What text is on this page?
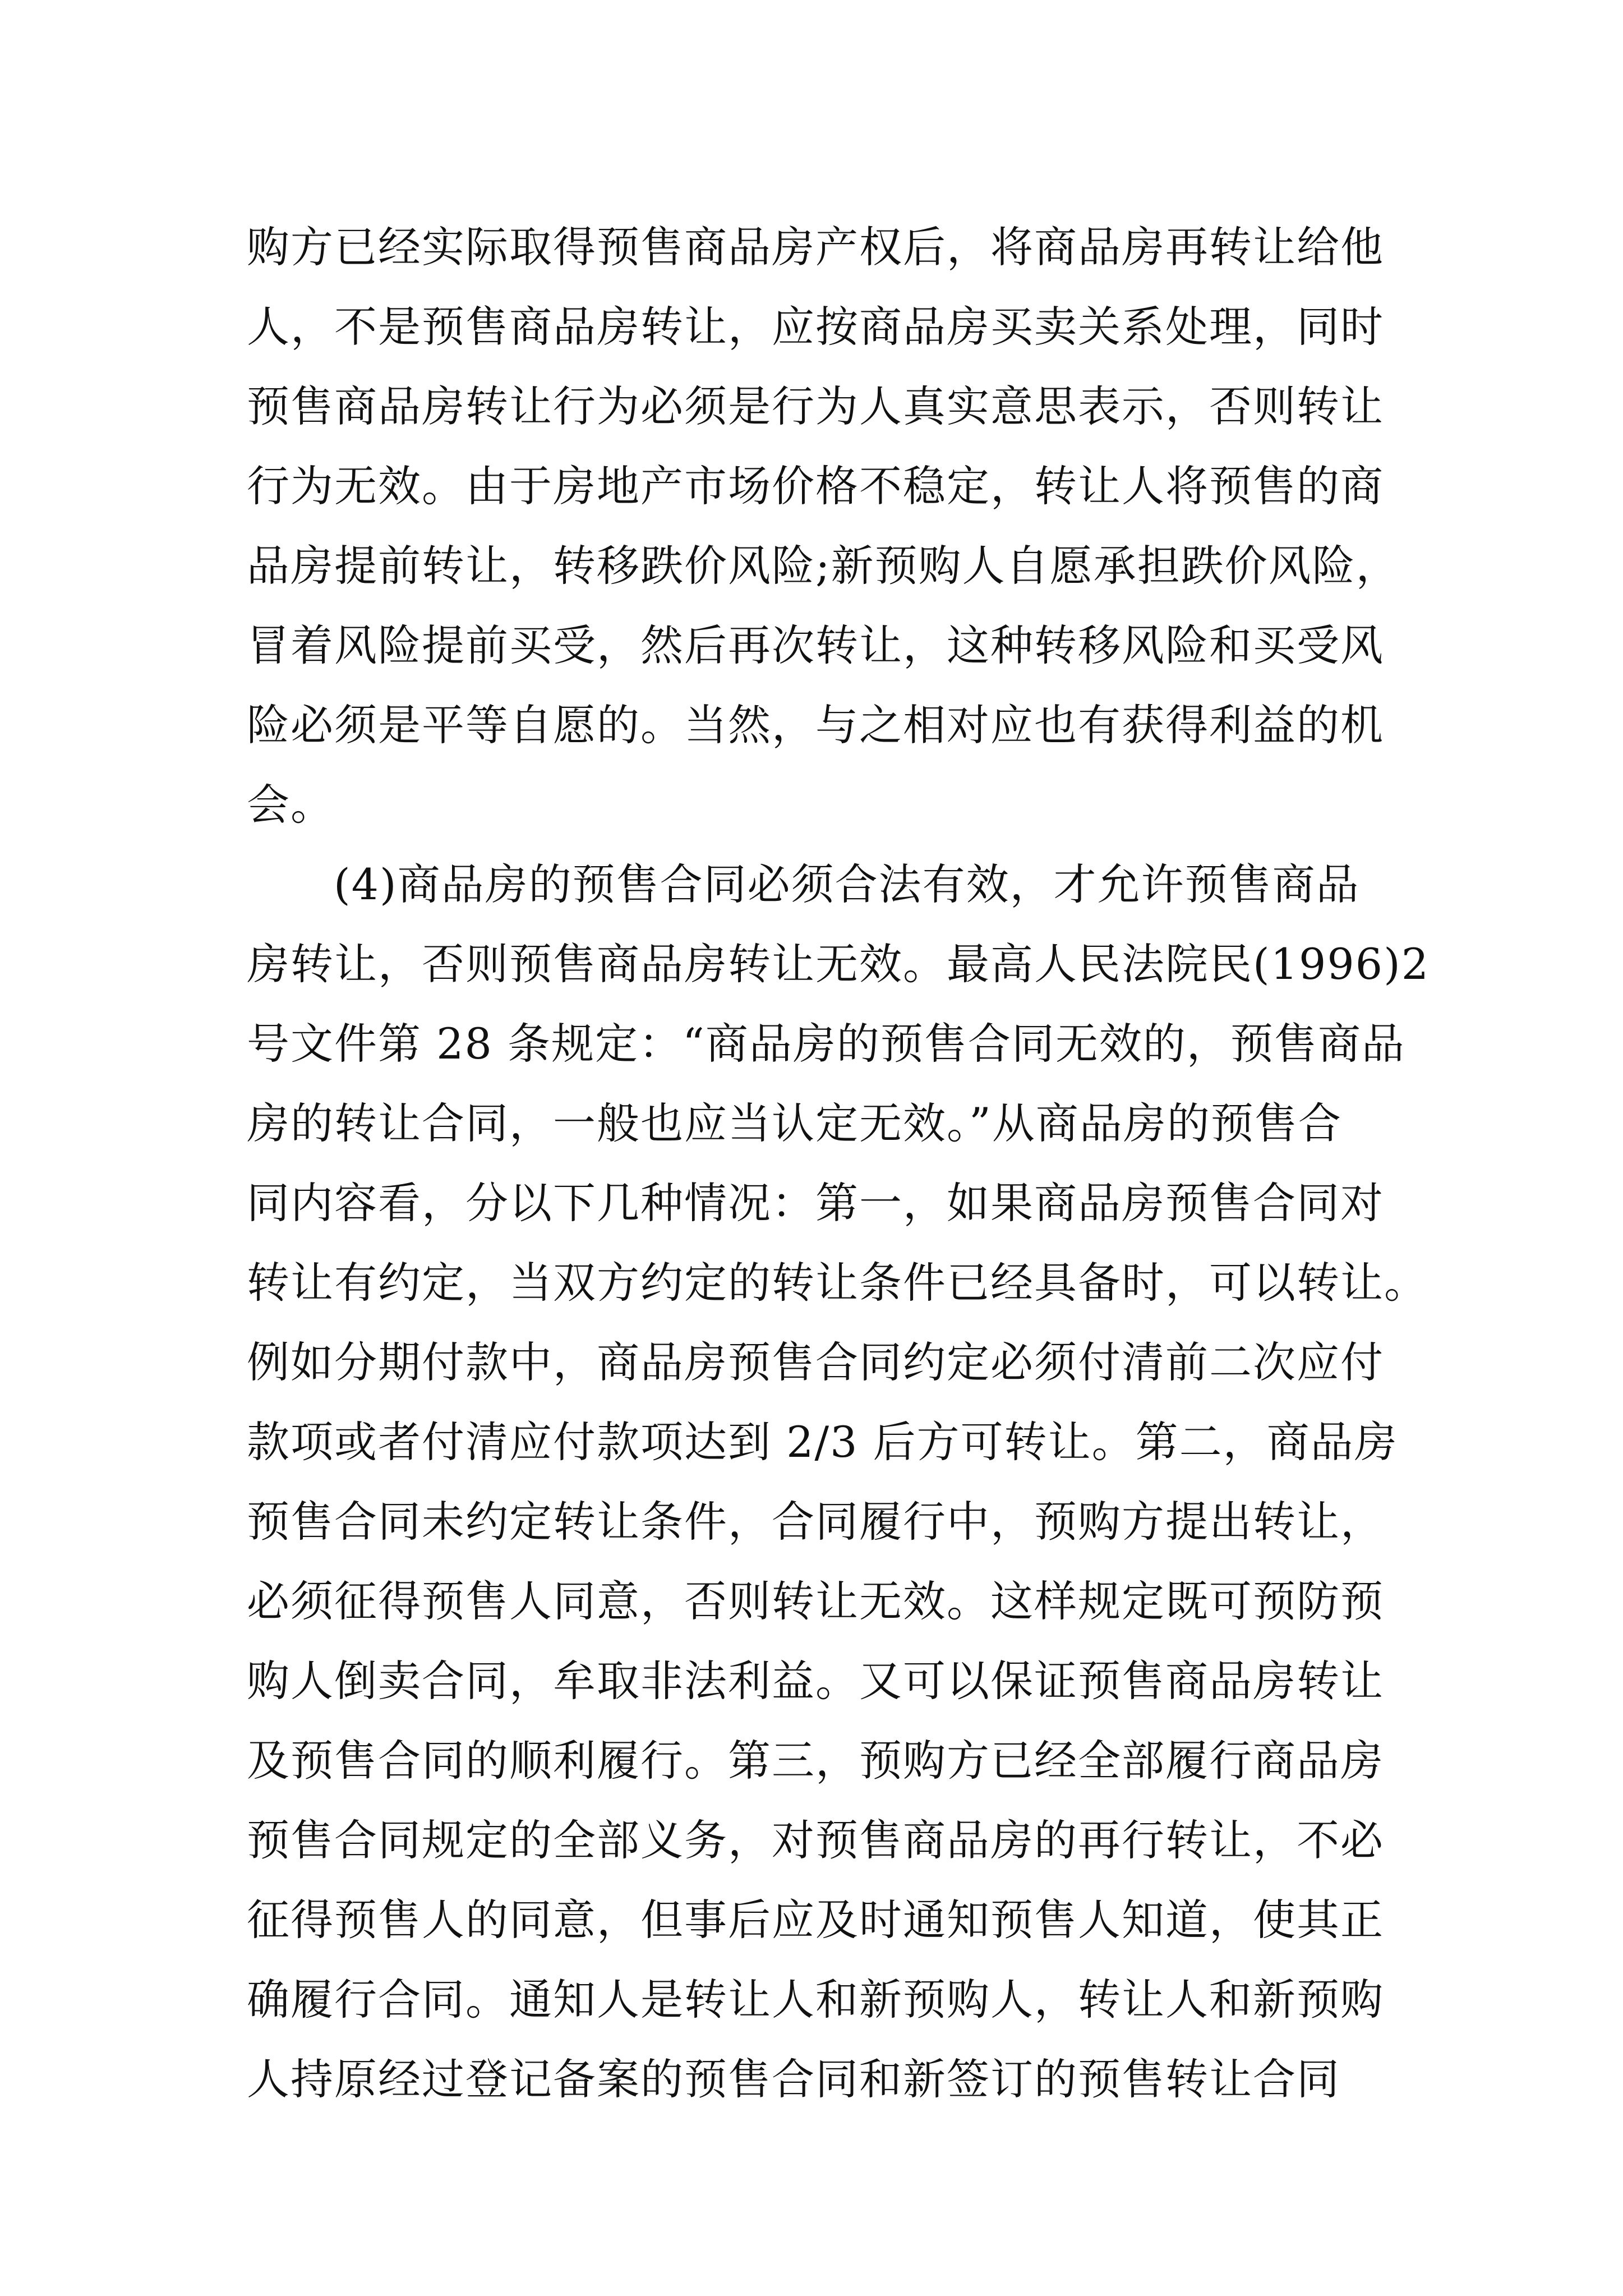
购方已经实际取得预售商品房产权后，将商品房再转让给他
人，不是预售商品房转让，应按商品房买卖关系处理，同时
预售商品房转让行为必须是行为人真实意思表示，否则转让
行为无效。由于房地产市场价格不稳定，转让人将预售的商
品房提前转让，转移跌价风险;新预购人自愿承担跌价风险，
冒着风险提前买受，然后再次转让，这种转移风险和买受风
险必须是平等自愿的。当然，与之相对应也有获得利益的机
会。
(4)商品房的预售合同必须合法有效，才允许预售商品
房转让，否则预售商品房转让无效。最高人民法院民(1996)2
号文件第 28 条规定：“商品房的预售合同无效的，预售商品
房的转让合同，一般也应当认定无效。”从商品房的预售合
同内容看，分以下几种情况：第一，如果商品房预售合同对
转让有约定，当双方约定的转让条件已经具备时，可以转让。
例如分期付款中，商品房预售合同约定必须付清前二次应付
款项或者付清应付款项达到 2/3 后方可转让。第二，商品房
预售合同未约定转让条件，合同履行中，预购方提出转让，
必须征得预售人同意，否则转让无效。这样规定既可预防预
购人倒卖合同，牟取非法利益。又可以保证预售商品房转让
及预售合同的顺利履行。第三，预购方已经全部履行商品房
预售合同规定的全部义务，对预售商品房的再行转让，不必
征得预售人的同意，但事后应及时通知预售人知道，使其正
确履行合同。通知人是转让人和新预购人，转让人和新预购
人持原经过登记备案的预售合同和新签订的预售转让合同
